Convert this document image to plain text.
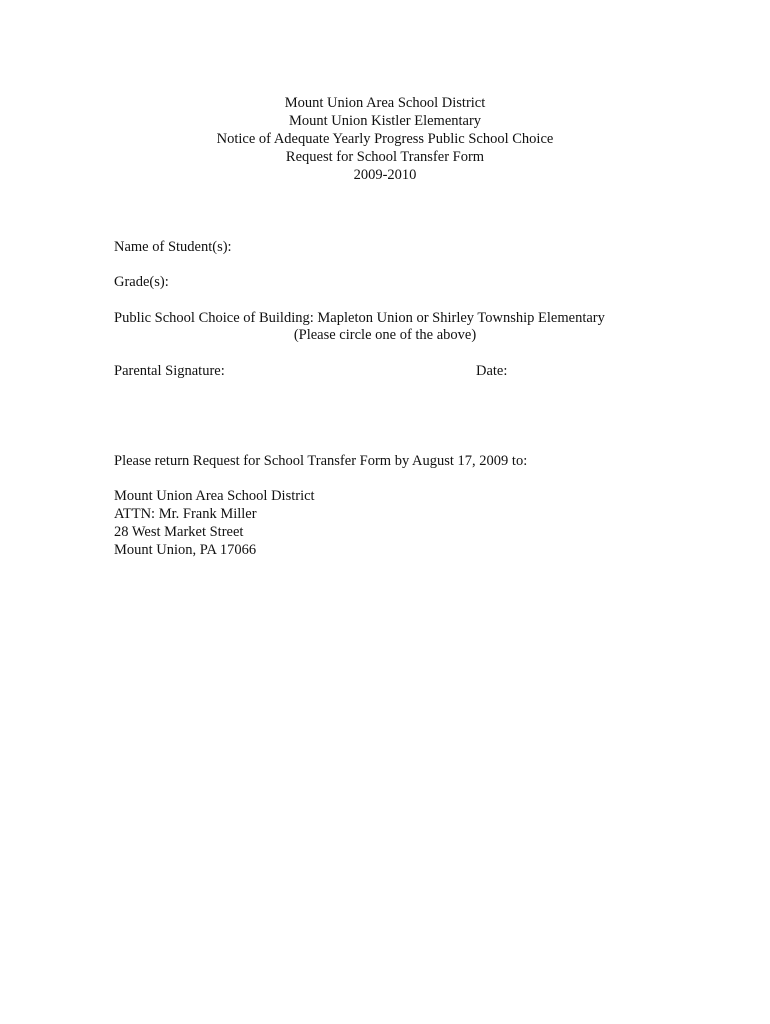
Mount Union Area School District
Mount Union Kistler Elementary
Notice of Adequate Yearly Progress Public School Choice
Request for School Transfer Form
2009-2010
Name of Student(s):
Grade(s):
Public School Choice of Building: Mapleton Union or Shirley Township Elementary
(Please circle one of the above)
Parental Signature:	Date:
Please return Request for School Transfer Form by August 17, 2009 to:
Mount Union Area School District
ATTN: Mr. Frank Miller
28 West Market Street
Mount Union, PA 17066
